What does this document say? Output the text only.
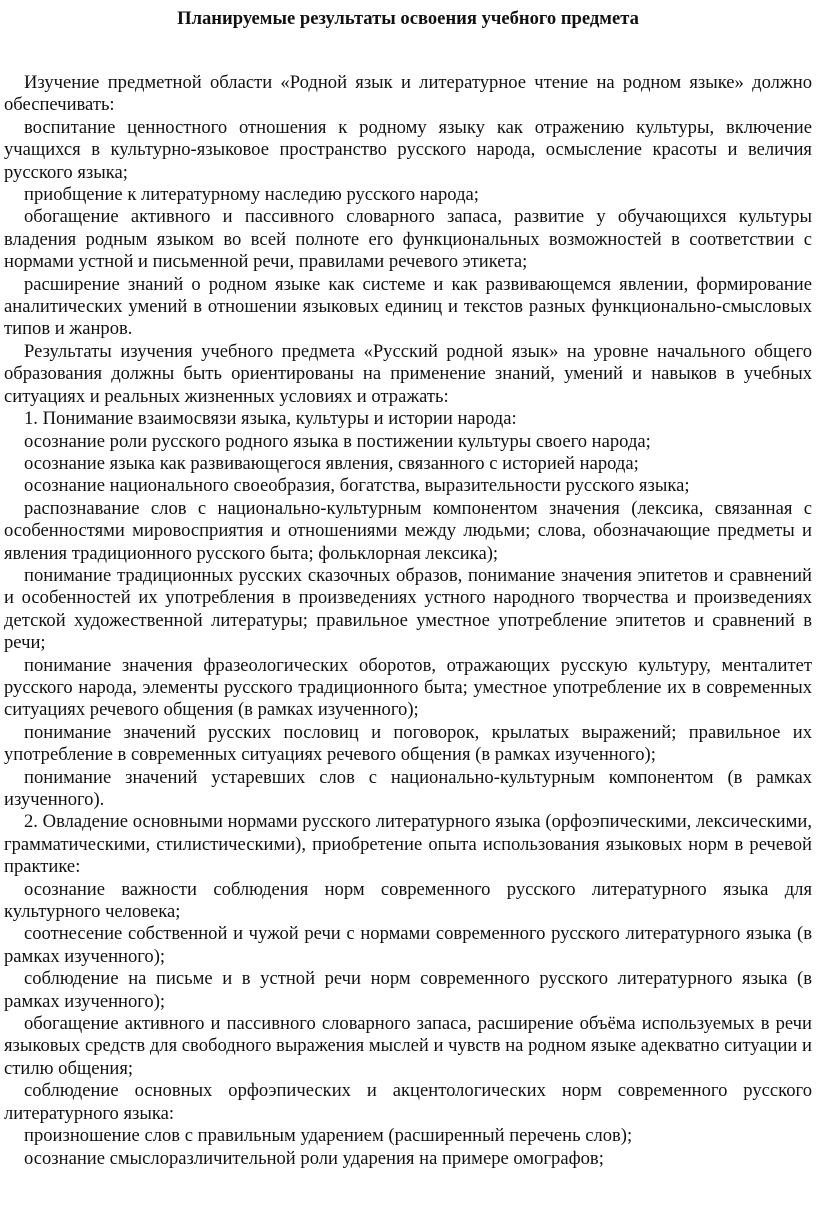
Планируемые результаты освоения учебного предмета

Изучение предметной области «Родной язык и литературное чтение на родном языке» должно обеспечивать:

воспитание ценностного отношения к родному языку как отражению культуры, включение учащихся в культурно-языковое пространство русского народа, осмысление красоты и величия русского языка;

приобщение к литературному наследию русского народа;

обогащение активного и пассивного словарного запаса, развитие у обучающихся культуры владения родным языком во всей полноте его функциональных возможностей в соответствии с нормами устной и письменной речи, правилами речевого этикета;

расширение знаний о родном языке как системе и как развивающемся явлении, формирование аналитических умений в отношении языковых единиц и текстов разных функционально-смысловых типов и жанров.

Результаты изучения учебного предмета «Русский родной язык» на уровне начального общего образования должны быть ориентированы на применение знаний, умений и навыков в учебных ситуациях и реальных жизненных условиях и отражать:

1. Понимание взаимосвязи языка, культуры и истории народа:

осознание роли русского родного языка в постижении культуры своего народа;

осознание языка как развивающегося явления, связанного с историей народа;

осознание национального своеобразия, богатства, выразительности русского языка;

распознавание слов с национально-культурным компонентом значения (лексика, связанная с особенностями мировосприятия и отношениями между людьми; слова, обозначающие предметы и явления традиционного русского быта; фольклорная лексика);

понимание традиционных русских сказочных образов, понимание значения эпитетов и сравнений и особенностей их употребления в произведениях устного народного творчества и произведениях детской художественной литературы; правильное уместное употребление эпитетов и сравнений в речи;

понимание значения фразеологических оборотов, отражающих русскую культуру, менталитет русского народа, элементы русского традиционного быта; уместное употребление их в современных ситуациях речевого общения (в рамках изученного);

понимание значений русских пословиц и поговорок, крылатых выражений; правильное их употребление в современных ситуациях речевого общения (в рамках изученного);

понимание значений устаревших слов с национально-культурным компонентом (в рамках изученного).

2. Овладение основными нормами русского литературного языка (орфоэпическими, лексическими, грамматическими, стилистическими), приобретение опыта использования языковых норм в речевой практике:

осознание важности соблюдения норм современного русского литературного языка для культурного человека;

соотнесение собственной и чужой речи с нормами современного русского литературного языка (в рамках изученного);

соблюдение на письме и в устной речи норм современного русского литературного языка (в рамках изученного);

обогащение активного и пассивного словарного запаса, расширение объёма используемых в речи языковых средств для свободного выражения мыслей и чувств на родном языке адекватно ситуации и стилю общения;

соблюдение основных орфоэпических и акцентологических норм современного русского литературного языка:

произношение слов с правильным ударением (расширенный перечень слов);

осознание смыслоразличительной роли ударения на примере омографов;
